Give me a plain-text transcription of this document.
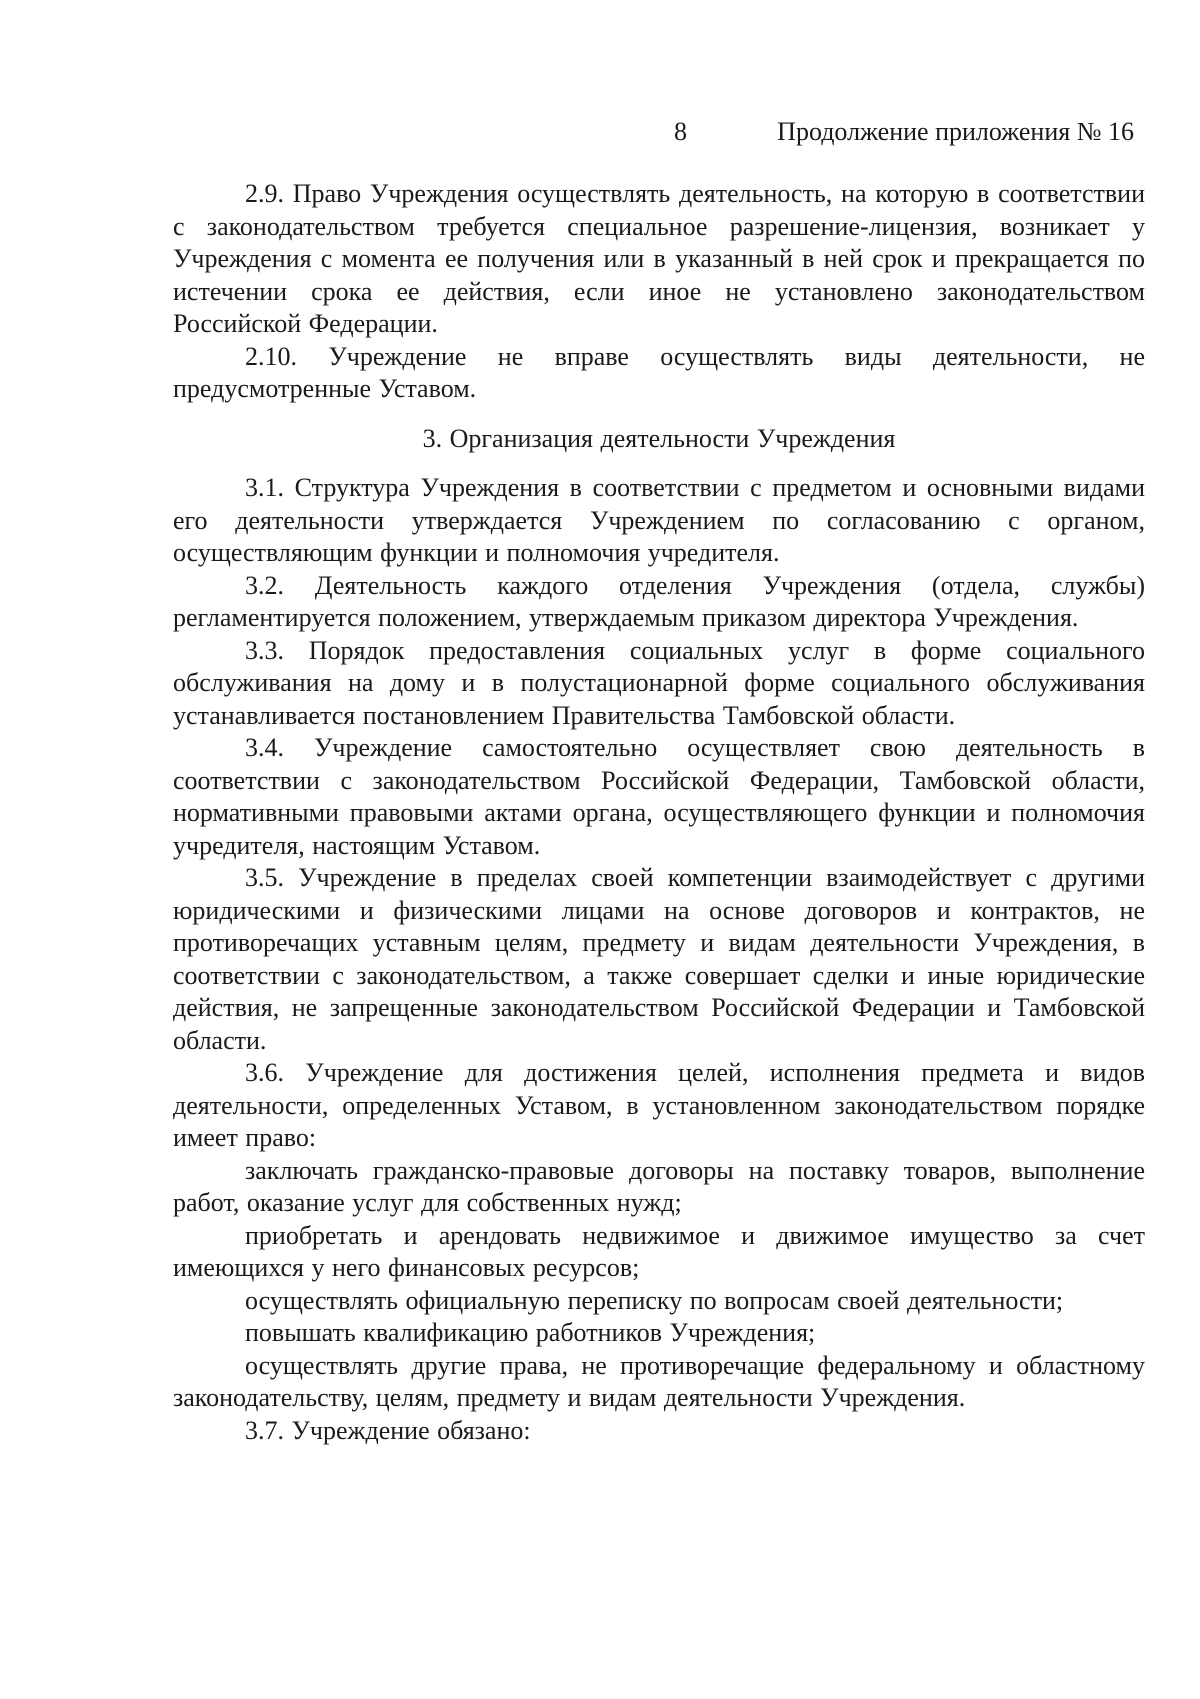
8	Продолжение приложения № 16

2.9. Право Учреждения осуществлять деятельность, на которую в соответствии с законодательством требуется специальное разрешение-лицензия, возникает у Учреждения с момента ее получения или в указанный в ней срок и прекращается по истечении срока ее действия, если иное не установлено законодательством Российской Федерации.

2.10. Учреждение не вправе осуществлять виды деятельности, не предусмотренные Уставом.

3. Организация деятельности Учреждения

3.1. Структура Учреждения в соответствии с предметом и основными видами его деятельности утверждается Учреждением по согласованию с органом, осуществляющим функции и полномочия учредителя.

3.2. Деятельность каждого отделения Учреждения (отдела, службы) регламентируется положением, утверждаемым приказом директора Учреждения.

3.3. Порядок предоставления социальных услуг в форме социального обслуживания на дому и в полустационарной форме социального обслуживания устанавливается постановлением Правительства Тамбовской области.

3.4. Учреждение самостоятельно осуществляет свою деятельность в соответствии с законодательством Российской Федерации, Тамбовской области, нормативными правовыми актами органа, осуществляющего функции и полномочия учредителя, настоящим Уставом.

3.5. Учреждение в пределах своей компетенции взаимодействует с другими юридическими и физическими лицами на основе договоров и контрактов, не противоречащих уставным целям, предмету и видам деятельности Учреждения, в соответствии с законодательством, а также совершает сделки и иные юридические действия, не запрещенные законодательством Российской Федерации и Тамбовской области.

3.6. Учреждение для достижения целей, исполнения предмета и видов деятельности, определенных Уставом, в установленном законодательством порядке имеет право:

заключать гражданско-правовые договоры на поставку товаров, выполнение работ, оказание услуг для собственных нужд;

приобретать и арендовать недвижимое и движимое имущество за счет имеющихся у него финансовых ресурсов;

осуществлять официальную переписку по вопросам своей деятельности;

повышать квалификацию работников Учреждения;

осуществлять другие права, не противоречащие федеральному и областному законодательству, целям, предмету и видам деятельности Учреждения.

3.7. Учреждение обязано:
